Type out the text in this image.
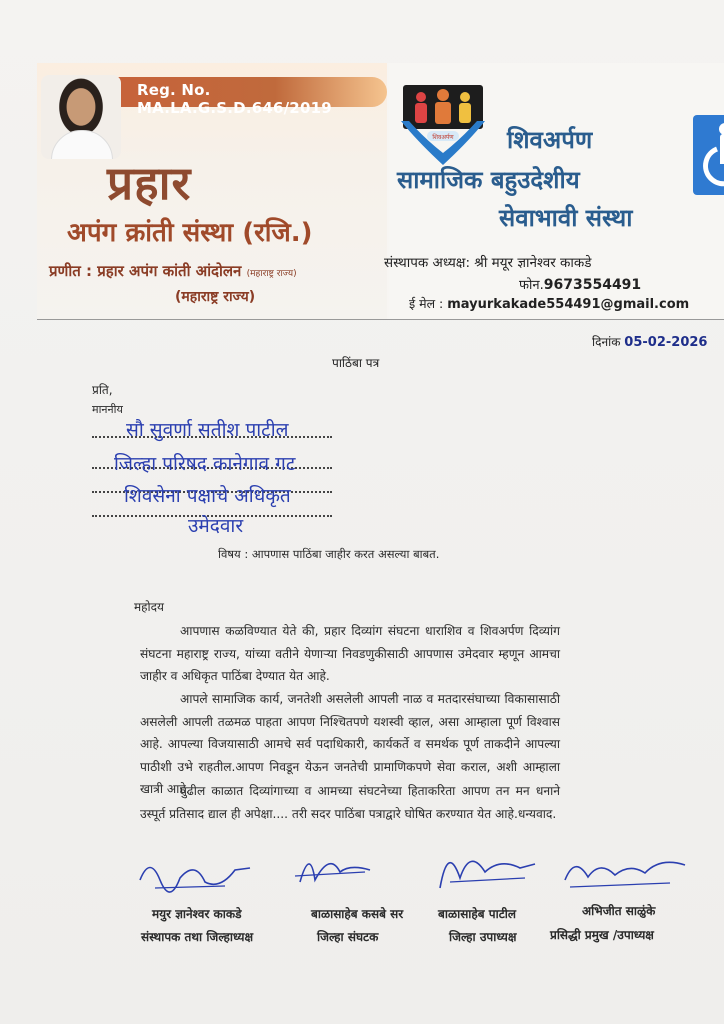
Reg. No. MA.LA.G.S.D.646/2019
प्रहार
अपंग क्रांती संस्था (रजि.)
प्रणीत : प्रहार अपंग कांती आंदोलन (महाराष्ट्र राज्य)
(महाराष्ट्र राज्य)
शिवअर्पण शिवअर्पण
सामाजिक बहुउदेशीय
सेवाभावी संस्था
संस्थापक अध्यक्ष: श्री मयूर ज्ञानेश्वर काकडे
फोन.9673554491
ई मेल : mayurkakade554491@gmail.com
दिनांक 05-02-2026
पाठिंबा पत्र
प्रति,
माननीय
सौ सुवर्णा सतीश पाटील
जिल्हा परिषद कानेगाव गट
शिवसेना पक्षाचे अधिकृत
उमेदवार
विषय : आपणास पाठिंबा जाहीर करत असल्या बाबत.
महोदय
आपणास कळविण्यात येते की, प्रहार दिव्यांग संघटना धाराशिव व शिवअर्पण दिव्यांग संघटना महाराष्ट्र राज्य, यांच्या वतीने येणाऱ्या निवडणुकीसाठी आपणास उमेदवार म्हणून आमचा जाहीर व अधिकृत पाठिंबा देण्यात येत आहे.
आपले सामाजिक कार्य, जनतेशी असलेली आपली नाळ व मतदारसंघाच्या विकासासाठी असलेली आपली तळमळ पाहता आपण निश्चितपणे यशस्वी व्हाल, असा आम्हाला पूर्ण विश्वास आहे. आपल्या विजयासाठी आमचे सर्व पदाधिकारी, कार्यकर्ते व समर्थक पूर्ण ताकदीने आपल्या पाठीशी उभे राहतील.आपण निवडून येऊन जनतेची प्रामाणिकपणे सेवा कराल, अशी आम्हाला खात्री आहे.
पुढील काळात दिव्यांगाच्या व आमच्या संघटनेच्या हिताकरिता आपण तन मन धनाने उस्पूर्त प्रतिसाद द्याल ही अपेक्षा.... तरी सदर पाठिंबा पत्राद्वारे घोषित करण्यात येत आहे.धन्यवाद.
मयुर ज्ञानेश्वर काकडे
संस्थापक तथा जिल्हाध्यक्ष
बाळासाहेब कसबे सर
जिल्हा संघटक
बाळासाहेब पाटील
जिल्हा उपाध्यक्ष
अभिजीत साळुंके
प्रसिद्धी प्रमुख /उपाध्यक्ष
